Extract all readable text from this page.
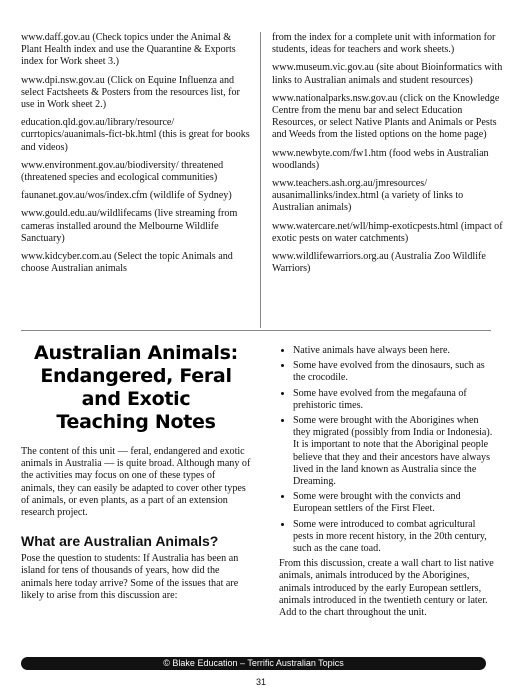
www.daff.gov.au (Check topics under the Animal & Plant Health index and use the Quarantine & Exports index for Work sheet 3.)

www.dpi.nsw.gov.au (Click on Equine Influenza and select Factsheets & Posters from the resources list, for use in Work sheet 2.)

education.qld.gov.au/library/resource/ currtopics/auanimals-fict-bk.html (this is great for books and videos)

www.environment.gov.au/biodiversity/ threatened (threatened species and ecological communities)

faunanet.gov.au/wos/index.cfm (wildlife of Sydney)

www.gould.edu.au/wildlifecams (live streaming from cameras installed around the Melbourne Wildlife Sanctuary)

www.kidcyber.com.au (Select the topic Animals and choose Australian animals

from the index for a complete unit with information for students, ideas for teachers and work sheets.)

www.museum.vic.gov.au (site about Bioinformatics with links to Australian animals and student resources)

www.nationalparks.nsw.gov.au (click on the Knowledge Centre from the menu bar and select Education Resources, or select Native Plants and Animals or Pests and Weeds from the listed options on the home page)

www.newbyte.com/fw1.htm (food webs in Australian woodlands)

www.teachers.ash.org.au/jmresources/ ausanimallinks/index.html (a variety of links to Australian animals)

www.watercare.net/wll/himp-exoticpests.html (impact of exotic pests on water catchments)

www.wildlifewarriors.org.au (Australia Zoo Wildlife Warriors)

Australian Animals:
Endangered, Feral
and Exotic
Teaching Notes

The content of this unit — feral, endangered and exotic animals in Australia — is quite broad. Although many of the activities may focus on one of these types of animals, they can easily be adapted to cover other types of animals, or even plants, as a part of an extension research project.

What are Australian Animals?

Pose the question to students: If Australia has been an island for tens of thousands of years, how did the animals here today arrive? Some of the issues that are likely to arise from this discussion are:

• Native animals have always been here.
• Some have evolved from the dinosaurs, such as the crocodile.
• Some have evolved from the megafauna of prehistoric times.
• Some were brought with the Aborigines when they migrated (possibly from India or Indonesia). It is important to note that the Aboriginal people believe that they and their ancestors have always lived in the land known as Australia since the Dreaming.
• Some were brought with the convicts and European settlers of the First Fleet.
• Some were introduced to combat agricultural pests in more recent history, in the 20th century, such as the cane toad.

From this discussion, create a wall chart to list native animals, animals introduced by the Aborigines, animals introduced by the early European settlers, animals introduced in the twentieth century or later. Add to the chart throughout the unit.

© Blake Education – Terrific Australian Topics
31
